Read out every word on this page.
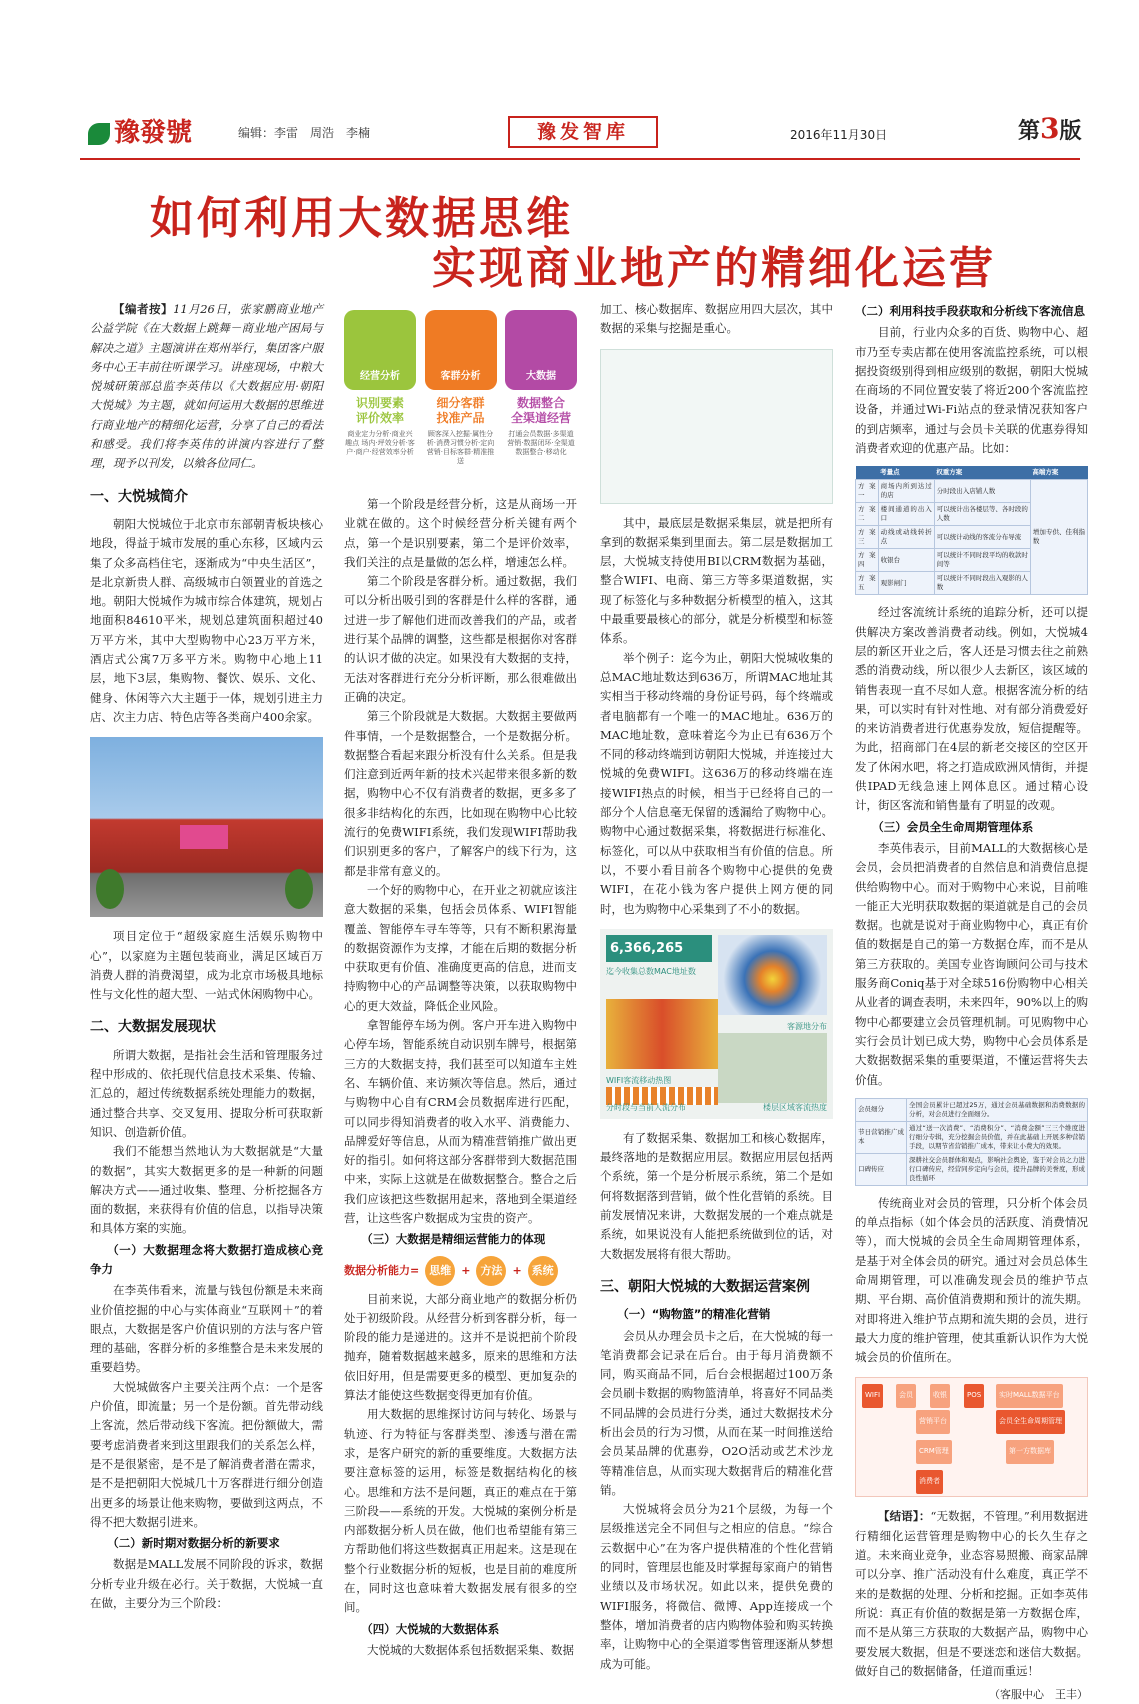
豫發號	编辑：李雷　周浩　李楠	豫发智库	2016年11月30日	第3版
如何利用大数据思维
实现商业地产的精细化运营

【编者按】11月26日，张家鹏商业地产公益学院《在大数据上跳舞－商业地产困局与解决之道》主题演讲在郑州举行，集团客户服务中心王丰前往听课学习。讲座现场，中粮大悦城研策部总监李英伟以《大数据应用·朝阳大悦城》为主题，就如何运用大数据的思维进行商业地产的精细化运营，分享了自己的看法和感受。我们将李英伟的讲演内容进行了整理，现予以刊发，以飨各位同仁。

一、大悦城简介

朝阳大悦城位于北京市东部朝青板块核心地段，得益于城市发展的重心东移，区域内云集了众多高档住宅，逐渐成为“中央生活区”，是北京新贵人群、高级城市白领置业的首选之地。朝阳大悦城作为城市综合体建筑，规划占地面积84610平米，规划总建筑面积超过40万平方米，其中大型购物中心23万平方米，酒店式公寓7万多平方米。购物中心地上11层，地下3层，集购物、餐饮、娱乐、文化、健身、休闲等六大主题于一体，规划引进主力店、次主力店、特色店等各类商户400余家。

项目定位于“超级家庭生活娱乐购物中心”，以家庭为主题包装商业，满足区域百万消费人群的消费渴望，成为北京市场极具地标性与文化性的超大型、一站式休闲购物中心。

二、大数据发展现状

所谓大数据，是指社会生活和管理服务过程中形成的、依托现代信息技术采集、传输、汇总的，超过传统数据系统处理能力的数据，通过整合共享、交叉复用、提取分析可获取新知识、创造新价值。

我们不能想当然地认为大数据就是“大量的数据”，其实大数据更多的是一种新的问题解决方式——通过收集、整理、分析挖掘各方面的数据，来获得有价值的信息，以指导决策和具体方案的实施。

（一）大数据理念将大数据打造成核心竞争力

在李英伟看来，流量与钱包份额是未来商业价值挖掘的中心与实体商业“互联网＋”的着眼点，大数据是客户价值识别的方法与客户管理的基础，客群分析的多维整合是未来发展的重要趋势。

大悦城做客户主要关注两个点：一个是客户价值，即流量；另一个是份额。首先带动线上客流，然后带动线下客流。把份额做大，需要考虑消费者来到这里跟我们的关系怎么样，是不是很紧密，是不是了解消费者潜在需求，是不是把朝阳大悦城几十万客群进行细分创造出更多的场景让他来购物，要做到这两点，不得不把大数据引进来。

（二）新时期对数据分析的新要求

数据是MALL发展不同阶段的诉求，数据分析专业升级在必行。关于数据，大悦城一直在做，主要分为三个阶段：

经营分析
识别要素
评价效率
商业定力分析·商业兴趣点 场内·坪效分析·客户·商户·经营效率分析
客群分析
细分客群
找准产品
顾客深入挖掘·属性分析·消费习惯分析·定向营销·目标客群·精准推送
大数据
数据整合
全渠道经营
打通会员数据·多渠道营销·数据闭环·全渠道数据整合·移动化

第一个阶段是经营分析，这是从商场一开业就在做的。这个时候经营分析关键有两个点，第一个是识别要素，第二个是评价效率，我们关注的点是量做的怎么样，增速怎么样。

第二个阶段是客群分析。通过数据，我们可以分析出吸引到的客群是什么样的客群，通过进一步了解他们进而改善我们的产品，或者进行某个品牌的调整，这些都是根据你对客群的认识才做的决定。如果没有大数据的支持，无法对客群进行充分分析评断，那么很难做出正确的决定。

第三个阶段就是大数据。大数据主要做两件事情，一个是数据整合，一个是数据分析。数据整合看起来跟分析没有什么关系。但是我们注意到近两年新的技术兴起带来很多新的数据，购物中心不仅有消费者的数据，更多多了很多非结构化的东西，比如现在购物中心比较流行的免费WIFI系统，我们发现WIFI帮助我们识别更多的客户，了解客户的线下行为，这都是非常有意义的。

一个好的购物中心，在开业之初就应该注意大数据的采集，包括会员体系、WIFI智能覆盖、智能停车寻车等等，只有不断积累海量的数据资源作为支撑，才能在后期的数据分析中获取更有价值、准确度更高的信息，进而支持购物中心的产品调整等决策，以获取购物中心的更大效益，降低企业风险。

拿智能停车场为例。客户开车进入购物中心停车场，智能系统自动识别车牌号，根据第三方的大数据支持，我们甚至可以知道车主姓名、车辆价值、来访频次等信息。然后，通过与购物中心自有CRM会员数据库进行匹配，可以同步得知消费者的收入水平、消费能力、品牌爱好等信息，从而为精准营销推广做出更好的指引。如何将这部分客群带到大数据范围中来，实际上这就是在做数据整合。整合之后我们应该把这些数据用起来，落地到全渠道经营，让这些客户数据成为宝贵的资产。

（三）大数据是精细运营能力的体现
数据分析能力= 思维 + 方法 + 系统

目前来说，大部分商业地产的数据分析仍处于初级阶段。从经营分析到客群分析，每一阶段的能力是递进的。这并不是说把前个阶段抛弃，随着数据越来越多，原来的思维和方法依旧好用，但是需要更多的模型、更加复杂的算法才能使这些数据变得更加有价值。

用大数据的思维探讨访问与转化、场景与轨迹、行为特征与客群类型、渗透与潜在需求，是客户研究的新的重要维度。大数据方法要注意标签的运用，标签是数据结构化的核心。思维和方法不是问题，真正的难点在于第三阶段——系统的开发。大悦城的案例分析是内部数据分析人员在做，他们也希望能有第三方帮助他们将这些数据真正用起来。这是现在整个行业数据分析的短板，也是目前的难度所在，同时这也意味着大数据发展有很多的空间。

（四）大悦城的大数据体系

大悦城的大数据体系包括数据采集、数据

加工、核心数据库、数据应用四大层次，其中数据的采集与挖掘是重心。

其中，最底层是数据采集层，就是把所有拿到的数据采集到里面去。第二层是数据加工层，大悦城支持使用BI以CRM数据为基础，整合WIFI、电商、第三方等多渠道数据，实现了标签化与多种数据分析模型的植入，这其中最重要最核心的部分，就是分析模型和标签体系。

举个例子：迄今为止，朝阳大悦城收集的总MAC地址数达到636万，所谓MAC地址其实相当于移动终端的身份证号码，每个终端或者电脑都有一个唯一的MAC地址。636万的MAC地址数，意味着迄今为止已有636万个不同的移动终端到访朝阳大悦城，并连接过大悦城的免费WIFI。这636万的移动终端在连接WIFI热点的时候，相当于已经将自己的一部分个人信息毫无保留的透漏给了购物中心。购物中心通过数据采集，将数据进行标准化、标签化，可以从中获取相当有价值的信息。所以，不要小看目前各个购物中心提供的免费WIFI，在花小钱为客户提供上网方便的同时，也为购物中心采集到了不小的数据。

6,366,265
迄今收集总数MAC地址数
客源地分布
WIFI客流移动热图
分时段与当前人流分布	楼层区域客流热度

有了数据采集、数据加工和核心数据库，最终落地的是数据应用层。数据应用层包括两个系统，第一个是分析展示系统，第二个是如何将数据落到营销，做个性化营销的系统。目前发展情况来讲，大数据发展的一个难点就是系统，如果说没有人能把系统做到位的话，对大数据发展将有很大帮助。

三、朝阳大悦城的大数据运营案例
（一）“购物篮”的精准化营销

会员从办理会员卡之后，在大悦城的每一笔消费都会记录在后台。由于每月消费额不同，购买商品不同，后台会根据超过100万条会员刷卡数据的购物篮清单，将喜好不同品类不同品牌的会员进行分类，通过大数据技术分析出会员的行为习惯，从而在某一时间推送给会员某品牌的优惠券，O2O活动或艺术沙龙等精准信息，从而实现大数据背后的精准化营销。

大悦城将会员分为21个层级，为每一个层级推送完全不同但与之相应的信息。“综合云数据中心”在为客户提供精准的个性化营销的同时，管理层也能及时掌握每家商户的销售业绩以及市场状况。如此以来，提供免费的WIFI服务，将微信、微博、App连接成一个整体，增加消费者的店内购物体验和购买转换率，让购物中心的全渠道零售管理逐渐从梦想成为可能。

（二）利用科技手段获取和分析线下客流信息

目前，行业内众多的百货、购物中心、超市乃至专卖店都在使用客流监控系统，可以根据投资级别得到相应级别的数据，朝阳大悦城在商场的不同位置安装了将近200个客流监控设备，并通过Wi-Fi站点的登录情况获知客户的到店频率，通过与会员卡关联的优惠券得知消费者欢迎的优惠产品。比如：

	考量点	权重方案	高端方案
方案一	商场内所到达过的店	分时段出入店铺人数	增加专供、佳利指数
方案二	楼间通道的出入口	可以统计出各楼层等、各时段的人数	
方案三	动线或动线转折点	可以统计动线的客流分布导流	
方案四	收银台	可以统计不同时段平均的收款时间等	
方案五	观影闸门	可以统计不同时段出入观影的人数	

经过客流统计系统的追踪分析，还可以提供解决方案改善消费者动线。例如，大悦城4层的新区开业之后，客人还是习惯去往之前熟悉的消费动线，所以很少人去新区，该区域的销售表现一直不尽如人意。根据客流分析的结果，可以实时有针对性地、对有部分消费爱好的来访消费者进行优惠券发放，短信提醒等。为此，招商部门在4层的新老交接区的空区开发了休闲水吧，将之打造成欧洲风情街，并提供IPAD无线急速上网体息区。通过精心设计，街区客流和销售量有了明显的改观。

（三）会员全生命周期管理体系

李英伟表示，目前MALL的大数据核心是会员，会员把消费者的自然信息和消费信息提供给购物中心。而对于购物中心来说，目前唯一能正大光明获取数据的渠道就是自己的会员数据。也就是说对于商业购物中心，真正有价值的数据是自己的第一方数据仓库，而不是从第三方获取的。美国专业咨询顾问公司与技术服务商Coniq基于对全球516份购物中心相关从业者的调查表明，未来四年，90%以上的购物中心都要建立会员管理机制。可见购物中心实行会员计划已成大势，购物中心会员体系是大数据数据采集的重要渠道，不懂运营将失去价值。

会员细分	全国会员累计已超过25万，通过会员基础数据和消费数据的分析，对会员进行全面细分。
节日营销推广成本	通过“送一次消费”、“消费积分”、“消费金额”三三个维度进行细分专辑，充分挖掘会员价值，并在此基础上开展多种营销手段，以期节省营销推广成本，带来让小费大的效果。
口碑传应	深耕社交会员群体和观点，影响社会舆论，鉴于对会员之力进行口碑传应，经营同步定向与会员，提升品牌的美誉度，形成良性循环

传统商业对会员的管理，只分析个体会员的单点指标（如个体会员的活跃度、消费情况等），而大悦城的会员全生命周期管理体系，是基于对全体会员的研究。通过对会员总体生命周期管理，可以准确发现会员的维护节点期、平台期、高价值消费期和预计的流失期。对即将进入维护节点期和流失期的会员，进行最大力度的维护管理，使其重新认识作为大悦城会员的价值所在。

WIFI	会员	收银	POS
营销平台
实时MALL数据平台
会员全生命周期管理
第一方数据库
CRM管理
消费者

【结语】：“无数据，不管理。”利用数据进行精细化运营管理是购物中心的长久生存之道。未来商业竞争，业态容易照搬、商家品牌可以分享、推广活动没有什么难度，真正学不来的是数据的处理、分析和挖掘。正如李英伟所说：真正有价值的数据是第一方数据仓库，而不是从第三方获取的大数据产品，购物中心要发展大数据，但是不要迷恋和迷信大数据。做好自己的数据储备，任道而重远！

（客服中心　王丰）
